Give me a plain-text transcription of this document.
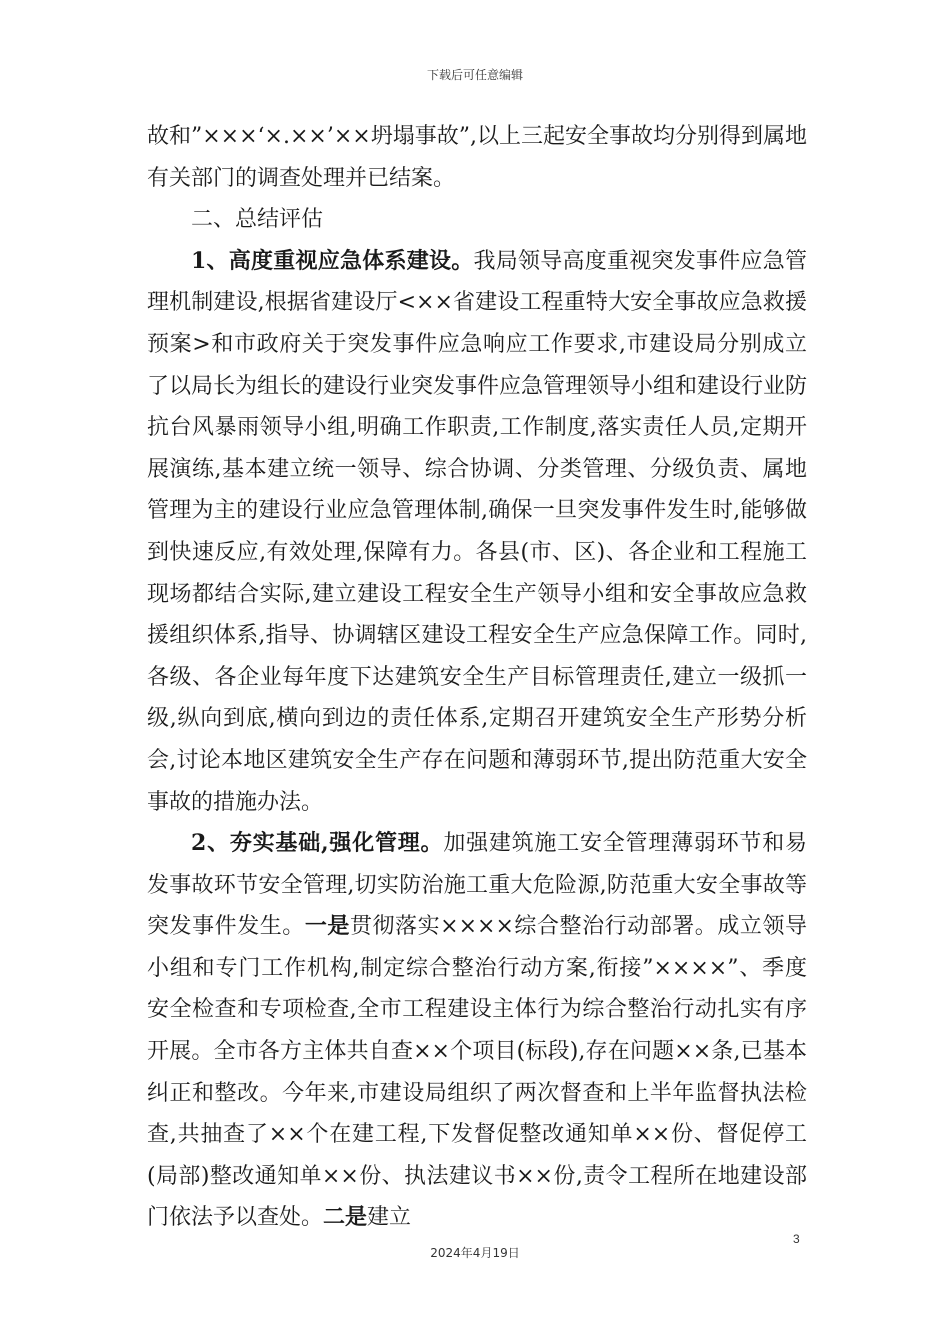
下载后可任意编辑

故和”×××‘×.××’××坍塌事故”,以上三起安全事故均分别得到属地有关部门的调查处理并已结案。

二、总结评估

1、高度重视应急体系建设。我局领导高度重视突发事件应急管理机制建设,根据省建设厅<××省建设工程重特大安全事故应急救援预案>和市政府关于突发事件应急响应工作要求,市建设局分别成立了以局长为组长的建设行业突发事件应急管理领导小组和建设行业防抗台风暴雨领导小组,明确工作职责,工作制度,落实责任人员,定期开展演练,基本建立统一领导、综合协调、分类管理、分级负责、属地管理为主的建设行业应急管理体制,确保一旦突发事件发生时,能够做到快速反应,有效处理,保障有力。各县(市、区)、各企业和工程施工现场都结合实际,建立建设工程安全生产领导小组和安全事故应急救援组织体系,指导、协调辖区建设工程安全生产应急保障工作。同时,各级、各企业每年度下达建筑安全生产目标管理责任,建立一级抓一级,纵向到底,横向到边的责任体系,定期召开建筑安全生产形势分析会,讨论本地区建筑安全生产存在问题和薄弱环节,提出防范重大安全事故的措施办法。

2、夯实基础,强化管理。加强建筑施工安全管理薄弱环节和易发事故环节安全管理,切实防治施工重大危险源,防范重大安全事故等突发事件发生。一是贯彻落实××××综合整治行动部署。成立领导小组和专门工作机构,制定综合整治行动方案,衔接”××××”、季度安全检查和专项检查,全市工程建设主体行为综合整治行动扎实有序开展。全市各方主体共自查××个项目(标段),存在问题××条,已基本纠正和整改。今年来,市建设局组织了两次督查和上半年监督执法检查,共抽查了××个在建工程,下发督促整改通知单××份、督促停工(局部)整改通知单××份、执法建议书××份,责令工程所在地建设部门依法予以查处。二是建立

3
2024年4月19日
